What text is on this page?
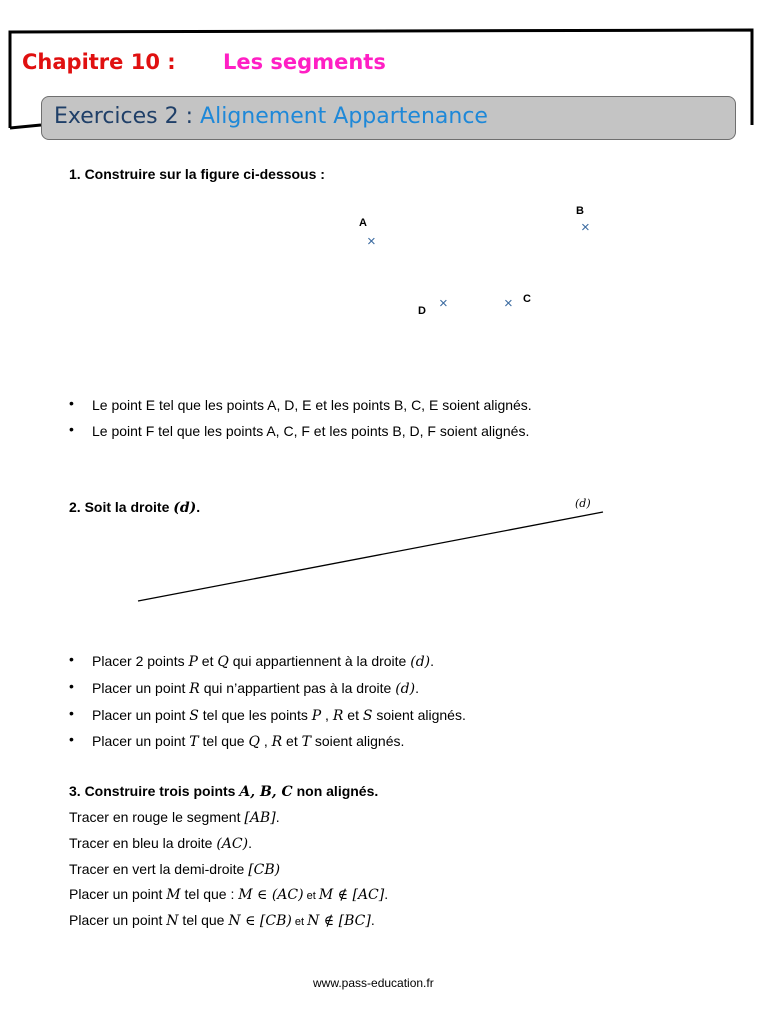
Chapitre 10 : Les segments
Exercices 2 : Alignement Appartenance
1. Construire sur la figure ci-dessous :
A
×
B
×
× C
D ×
• Le point E tel que les points A, D, E et les points B, C, E soient alignés.
• Le point F tel que les points A, C, F et les points B, D, F soient alignés.
2. Soit la droite (d).	(d)
• Placer 2 points P et Q qui appartiennent à la droite (d).
• Placer un point R qui n’appartient pas à la droite (d).
• Placer un point S tel que les points P , R et S soient alignés.
• Placer un point T tel que Q , R et T soient alignés.
3. Construire trois points A, B, C non alignés.
Tracer en rouge le segment [AB].
Tracer en bleu la droite (AC).
Tracer en vert la demi-droite [CB)
Placer un point M tel que : M ∈ (AC) et M ∉ [AC].
Placer un point N tel que N ∈ [CB) et N ∉ [BC].
www.pass-education.fr
